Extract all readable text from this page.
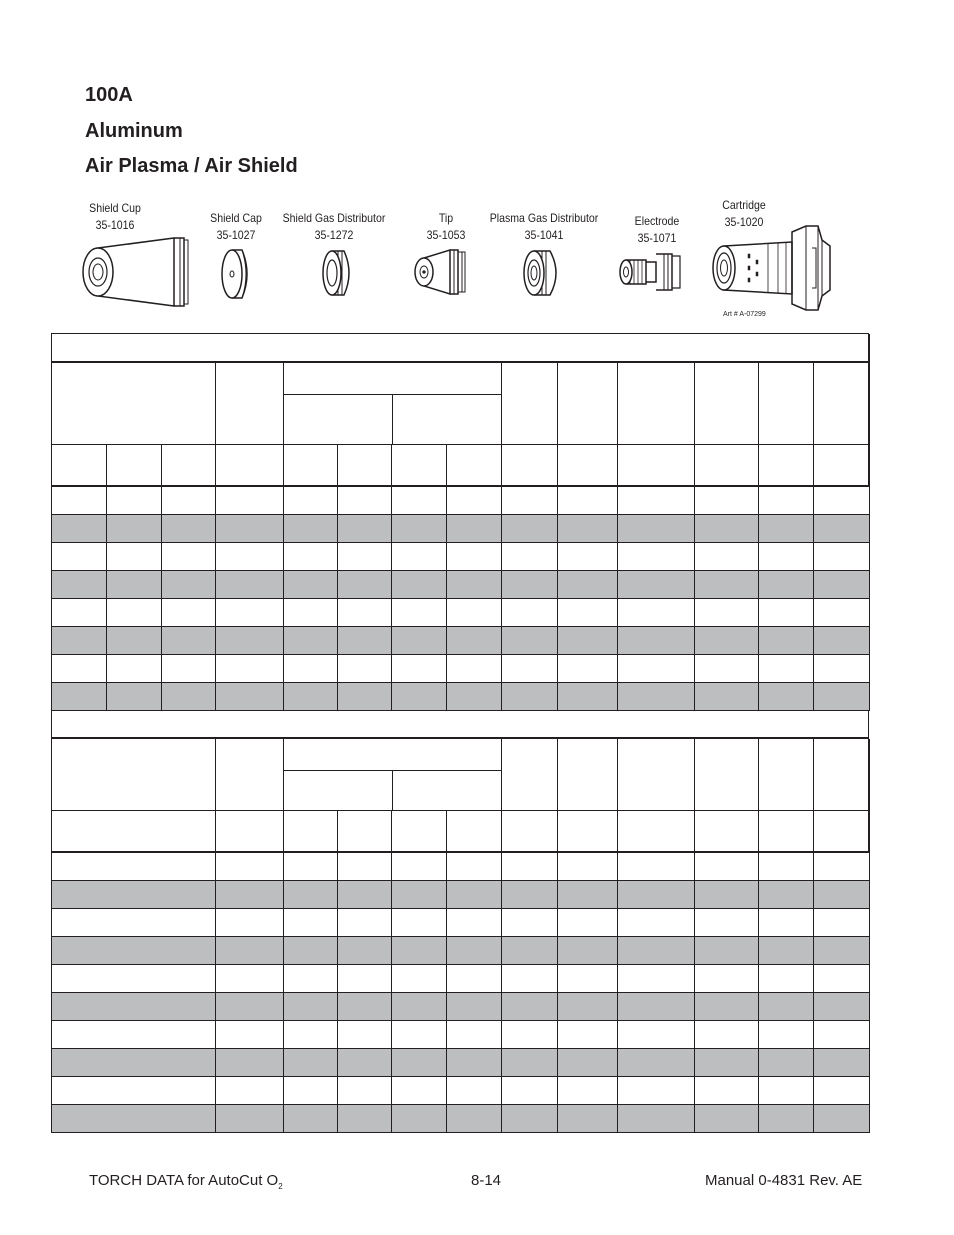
100A
Aluminum
Air Plasma / Air Shield
Shield Cup
35-1016	Shield Cap
35-1027
Shield Gas Distributor
35-1272
Tip
35-1053
Plasma Gas Distributor
35-1041
Electrode
35-1071
Cartridge
35-1020
Art # A-07299
TORCH DATA for AutoCut $O_2$	8-14	Manual 0-4831 Rev. AE
